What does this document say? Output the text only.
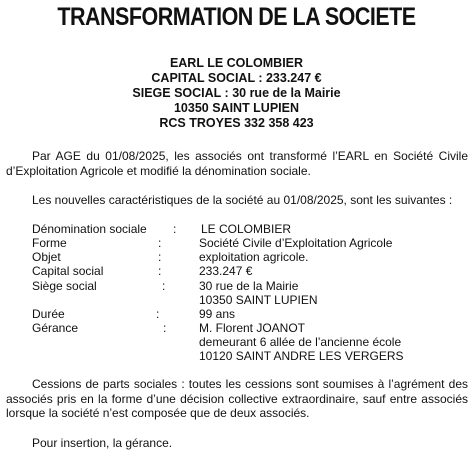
TRANSFORMATION DE LA SOCIETE
EARL LE COLOMBIER
CAPITAL SOCIAL : 233.247 €
SIEGE SOCIAL : 30 rue de la Mairie
10350 SAINT LUPIEN
RCS TROYES 332 358 423
Par AGE du 01/08/2025, les associés ont transformé l’EARL en Société Civile d’Exploitation Agricole et modifié la dénomination sociale.
Les nouvelles caractéristiques de la société au 01/08/2025, sont les suivantes :
Dénomination sociale : LE COLOMBIER
Forme	:	Société Civile d’Exploitation Agricole
Objet	:	exploitation agricole.
Capital social	:	233.247 €
Siège social	:	30 rue de la Mairie
10350 SAINT LUPIEN
Durée	:	99 ans
Gérance	:	M. Florent JOANOT
demeurant 6 allée de l’ancienne école
10120 SAINT ANDRE LES VERGERS
Cessions de parts sociales : toutes les cessions sont soumises à l’agrément des associés pris en la forme d’une décision collective extraordinaire, sauf entre associés lorsque la société n’est composée que de deux associés.
Pour insertion, la gérance.
